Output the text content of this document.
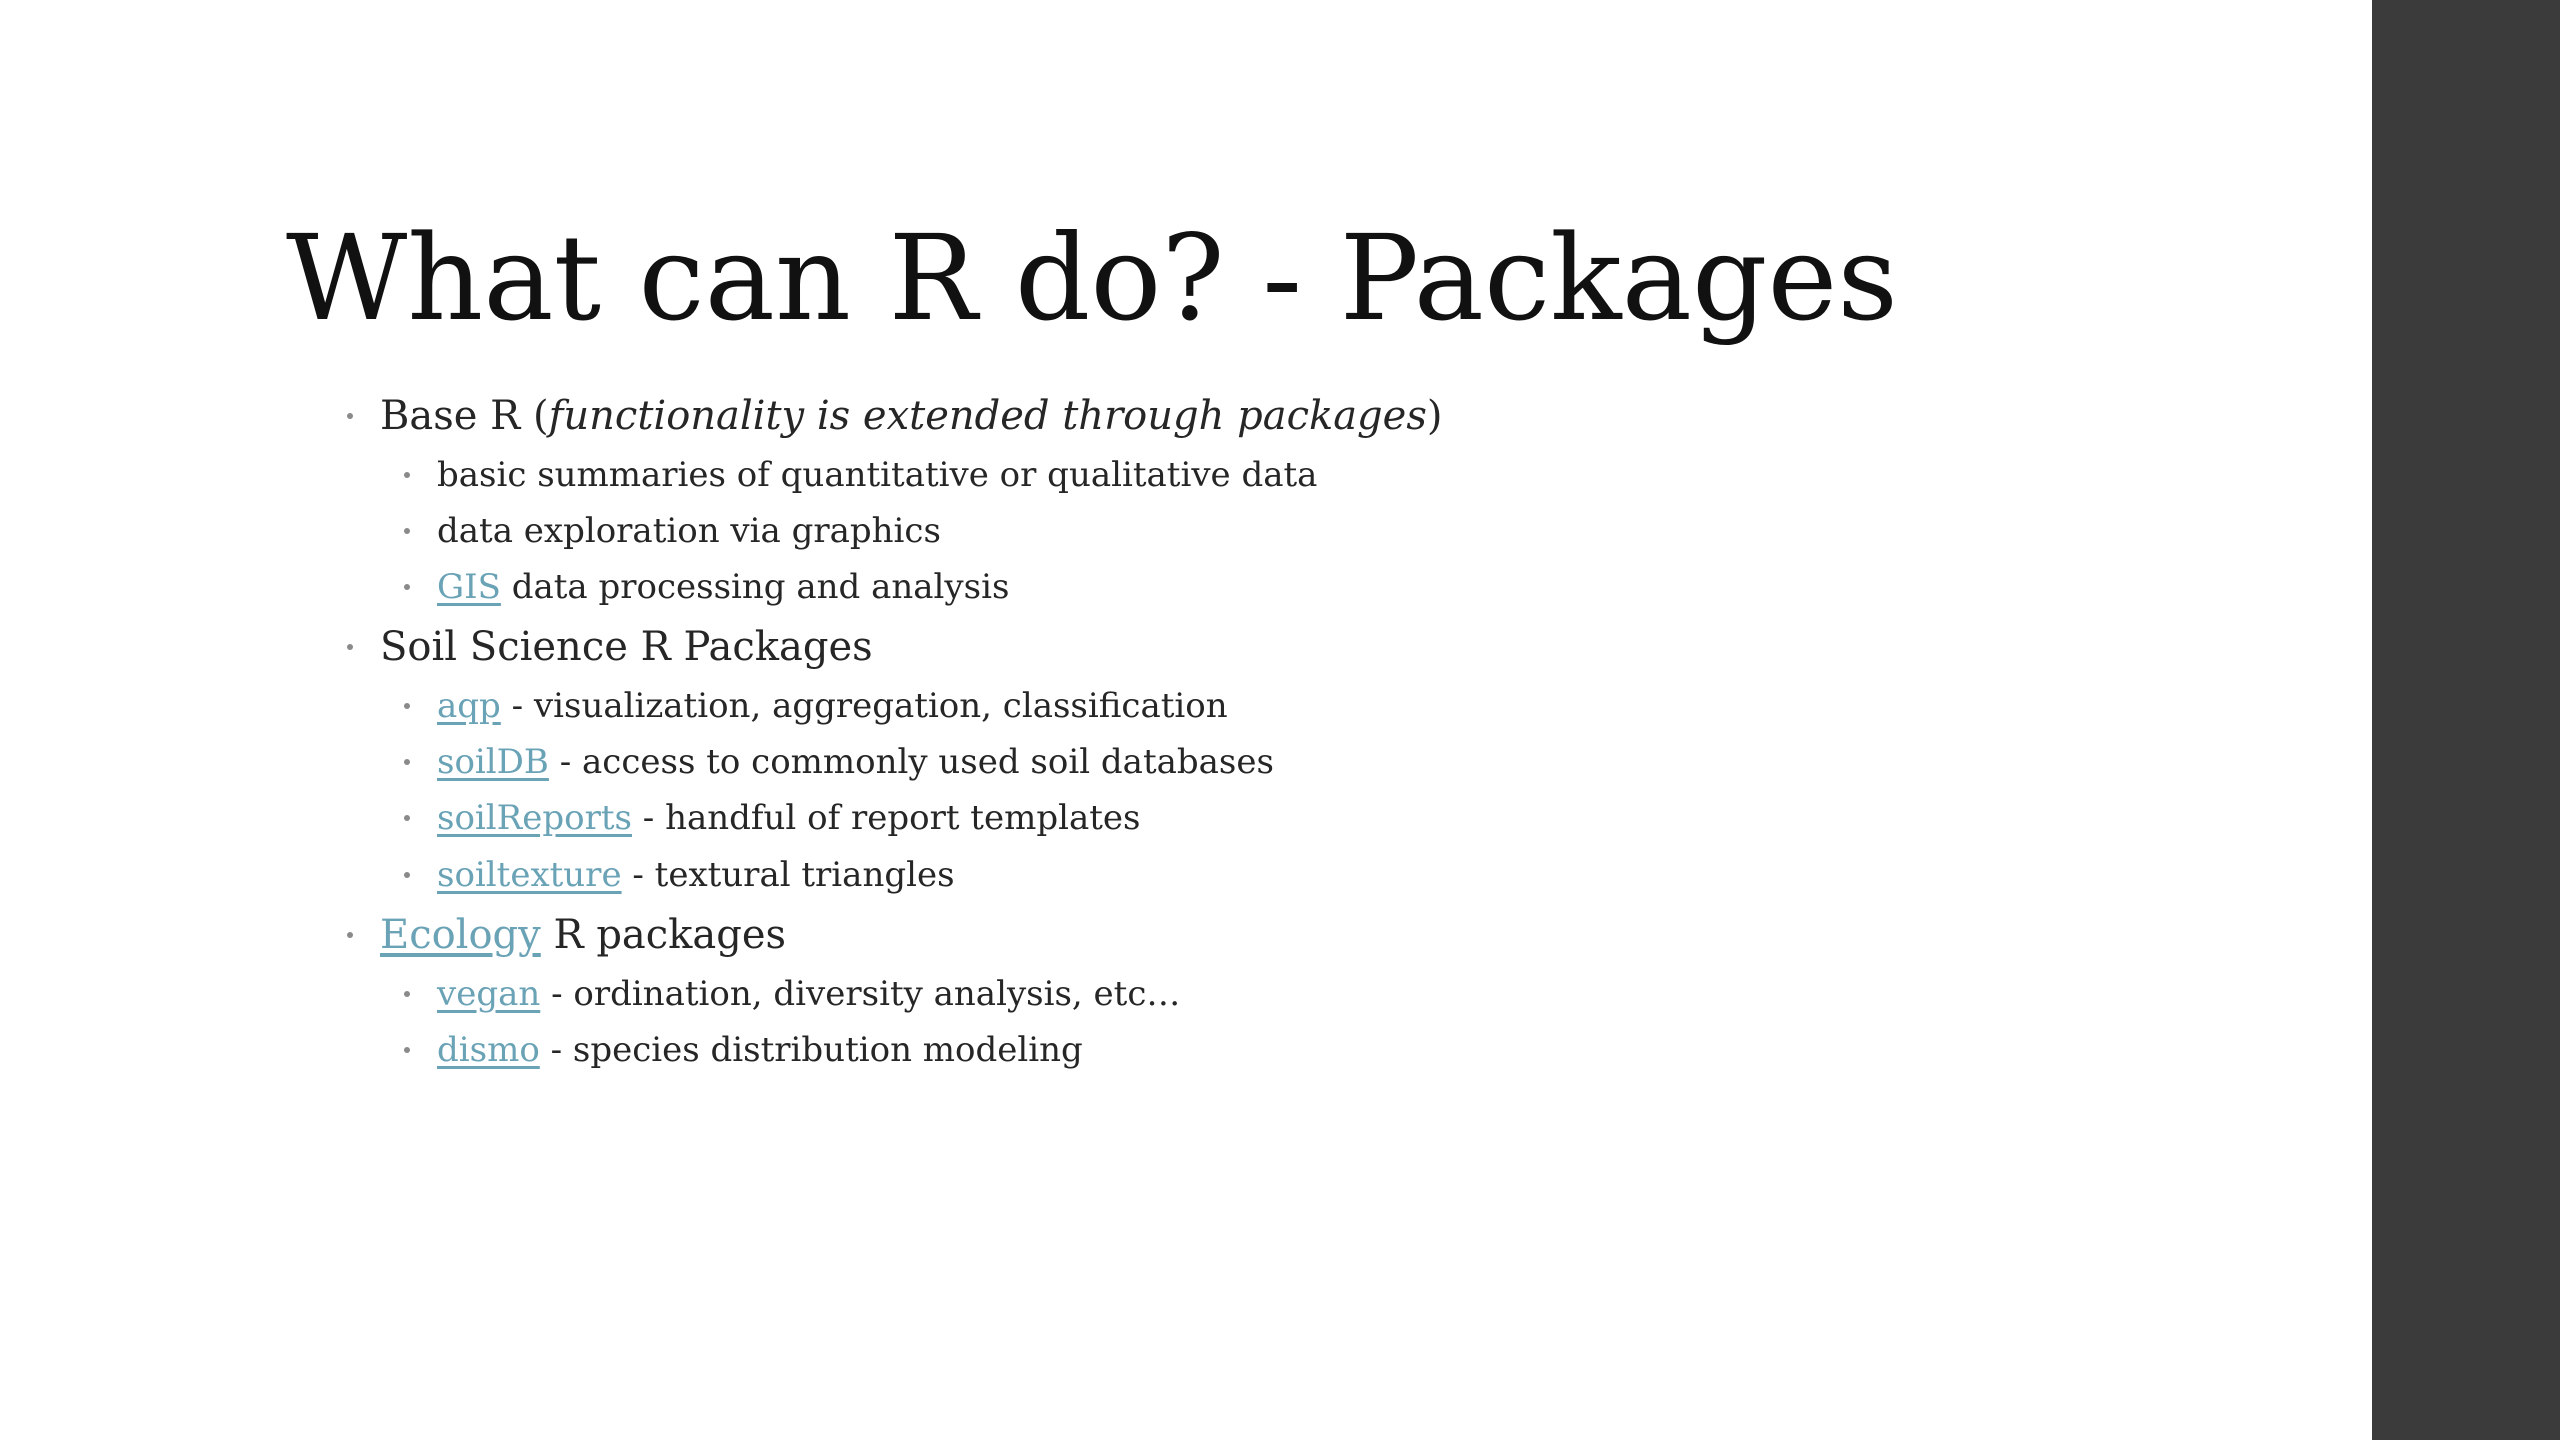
What can R do? - Packages
Base R (functionality is extended through packages)
basic summaries of quantitative or qualitative data
data exploration via graphics
GIS data processing and analysis
Soil Science R Packages
aqp - visualization, aggregation, classification
soilDB - access to commonly used soil databases
soilReports - handful of report templates
soiltexture - textural triangles
Ecology R packages
vegan - ordination, diversity analysis, etc…
dismo - species distribution modeling
